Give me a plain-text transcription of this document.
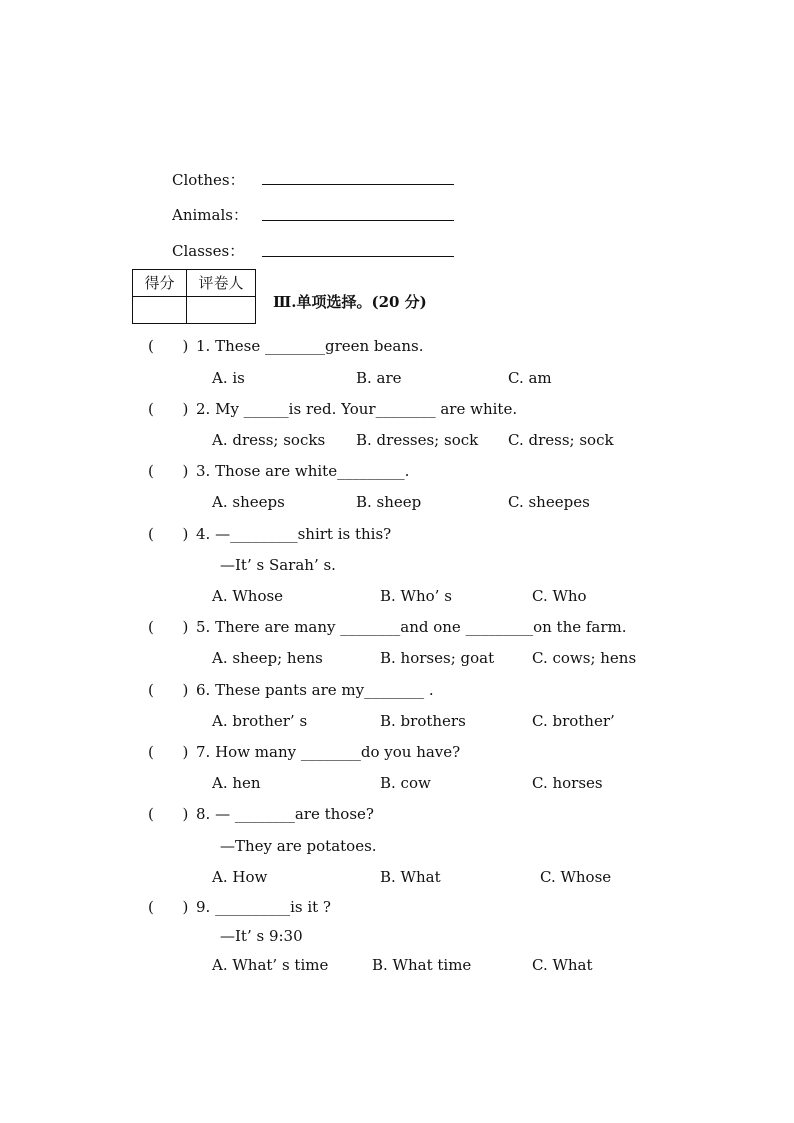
Clothes：
Animals：
Classes：
得分	评卷人

Ⅲ.单项选择。(20 分)
(      ) 1. These ________green beans.
A. is	B. are	C. am
(      ) 2. My ______is red. Your________ are white.
A. dress; socks B. dresses; sock C. dress; sock
(      ) 3. Those are white_________.
A. sheeps	B. sheep	C. sheepes
(      ) 4. —_________shirt is this?
—It’ s Sarah’ s.
A. Whose	B. Who’ s	C. Who
(      ) 5. There are many ________and one _________on the farm.
A. sheep; hens	B. horses; goat	C. cows; hens
(      ) 6. These pants are my________ .
A. brother’ s	B. brothers	C. brother’
(      ) 7. How many ________do you have?
A. hen	B. cow	C. horses
(      ) 8. — ________are those?
—They are potatoes.
A. How	B. What	C. Whose
(      ) 9. __________is it ?
—It’ s 9:30
A. What’ s time	B. What time	C. What
